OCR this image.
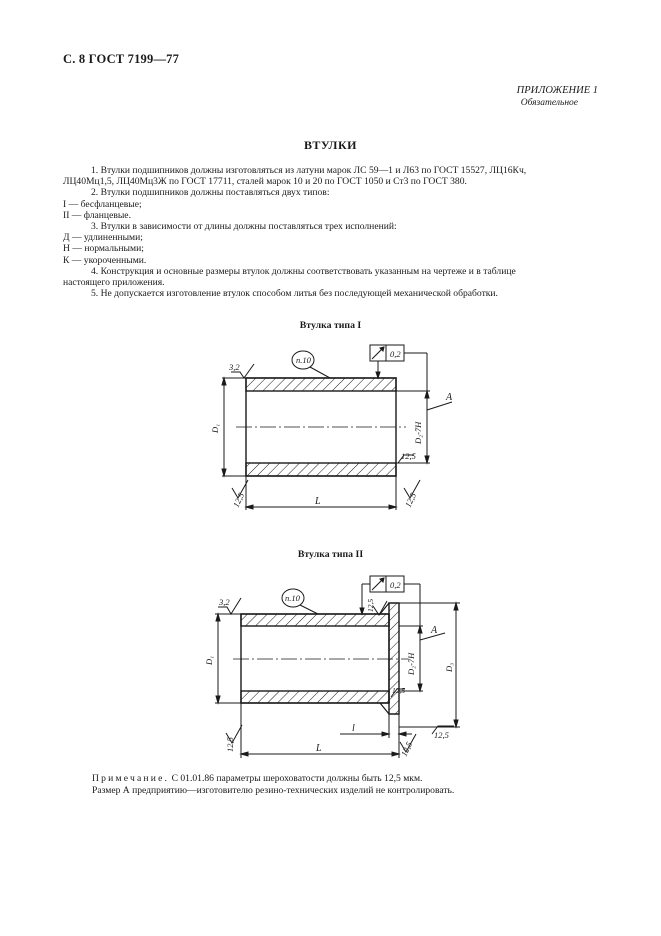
С. 8 ГОСТ 7199—77
ПРИЛОЖЕНИЕ 1
Обязательное
ВТУЛКИ

1. Втулки подшипников должны изготовляться из латуни марок ЛС 59—1 и Л63 по ГОСТ 15527, ЛЦ16Кч,

ЛЦ40Мц1,5, ЛЦ40Мц3Ж по ГОСТ 17711, сталей марок 10 и 20 по ГОСТ 1050 и Ст3 по ГОСТ 380.

2. Втулки подшипников должны поставляться двух типов:

I — бесфланцевые;

II — фланцевые.

3. Втулки в зависимости от длины должны поставляться трех исполнений:

Д — удлиненными;

Н — нормальными;

К — укороченными.

4. Конструкция и основные размеры втулок должны соответствовать указанным на чертеже и в таблице

настоящего приложения.

5. Не допускается изготовление втулок способом литья без последующей механической обработки.

Втулка типа I
3,2
п.10
0,2
A
D₁	D₂-7H
12,5
12,5	12,5
L
Втулка типа II
3,2	п.10
0,2
A
D₁	D₂-7H	D₃
12,5
12,5
12,5	12,5
12,5
L
l
Примечание. С 01.01.86 параметры шероховатости должны быть 12,5 мкм.
Размер А предприятию—изготовителю резино-технических изделий не контролировать.
